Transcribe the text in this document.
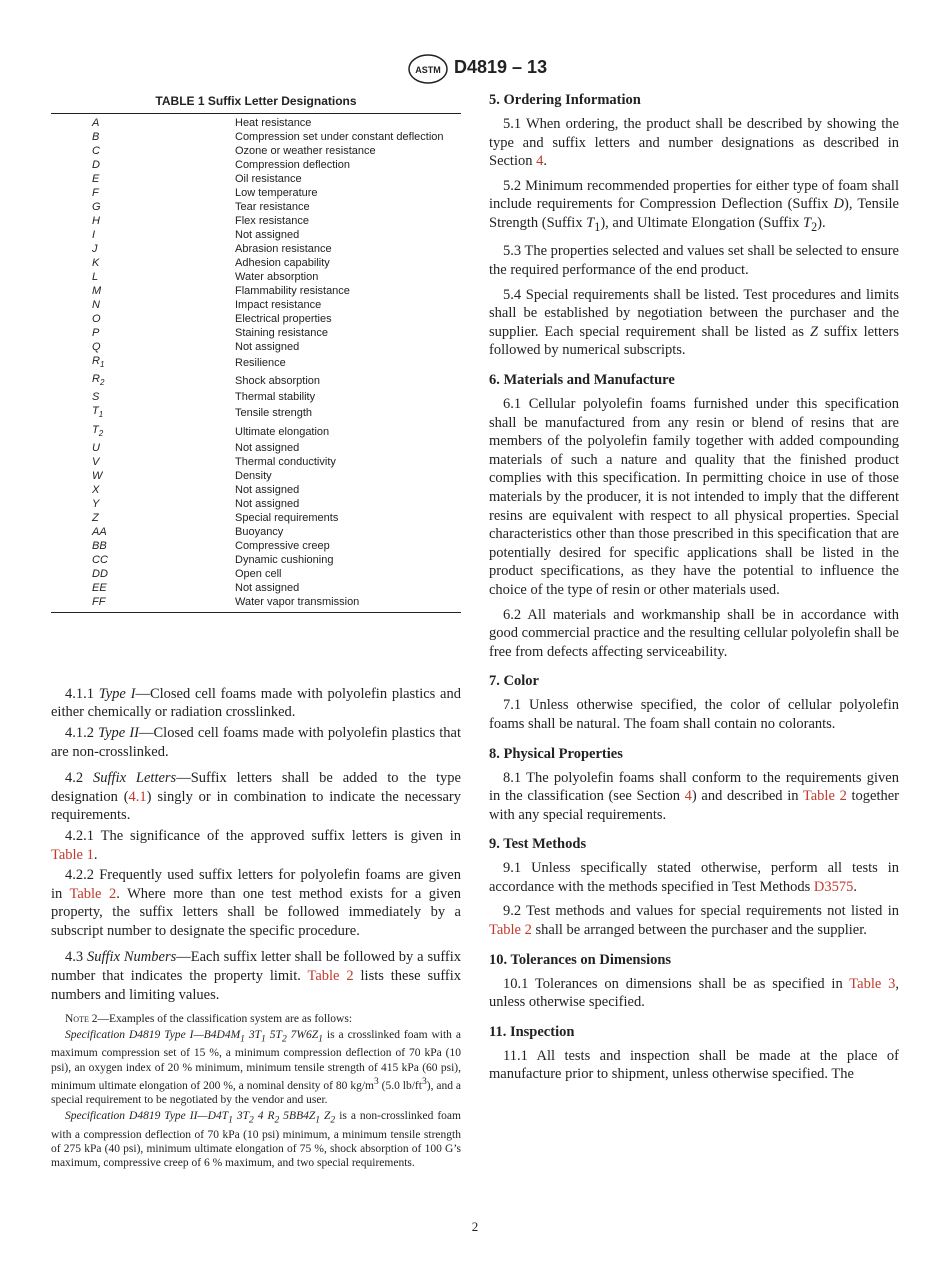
ASTM D4819 – 13
TABLE 1 Suffix Letter Designations
A	Heat resistance
B	Compression set under constant deflection
C	Ozone or weather resistance
D	Compression deflection
E	Oil resistance
F	Low temperature
G	Tear resistance
H	Flex resistance
I	Not assigned
J	Abrasion resistance
K	Adhesion capability
L	Water absorption
M	Flammability resistance
N	Impact resistance
O	Electrical properties
P	Staining resistance
Q	Not assigned
$R_1$	Resilience
$R_2$	Shock absorption
S	Thermal stability
$T_1$	Tensile strength
$T_2$	Ultimate elongation
U	Not assigned
V	Thermal conductivity
W	Density
X	Not assigned
Y	Not assigned
Z	Special requirements
AA	Buoyancy
BB	Compressive creep
CC	Dynamic cushioning
DD	Open cell
EE	Not assigned
FF	Water vapor transmission

4.1.1 Type I—Closed cell foams made with polyolefin plastics and either chemically or radiation crosslinked.

4.1.2 Type II—Closed cell foams made with polyolefin plastics that are non-crosslinked.

4.2 Suffix Letters—Suffix letters shall be added to the type designation (4.1) singly or in combination to indicate the necessary requirements.

4.2.1 The significance of the approved suffix letters is given in Table 1.

4.2.2 Frequently used suffix letters for polyolefin foams are given in Table 2. Where more than one test method exists for a given property, the suffix letters shall be followed immediately by a subscript number to designate the specific procedure.

4.3 Suffix Numbers—Each suffix letter shall be followed by a suffix number that indicates the property limit. Table 2 lists these suffix numbers and limiting values.

Note 2—Examples of the classification system are as follows:

Specification D4819 Type $I—B4D4M_1$ $3T_1$ $5T_2$ $7W6Z_1$ is a crosslinked foam with a maximum compression set of 15 %, a minimum compression deflection of 70 kPa (10 psi), an oxygen index of 20 % minimum, minimum tensile strength of 415 kPa (60 psi), minimum ultimate elongation of 200 %, a nominal density of 80 $kg/m^3$ (5.0 $lb/ft^3$), and a special requirement to be negotiated by the vendor and user.

Specification D4819 Type $II—D4T_1$ $3T_2$ 4 $R_2$ $5BB4Z_1$ $Z_2$ is a non-crosslinked foam with a compression deflection of 70 kPa (10 psi) minimum, a minimum tensile strength of 275 kPa (40 psi), minimum ultimate elongation of 75 %, shock absorption of 100 G’s maximum, compressive creep of 6 % maximum, and two special requirements.

5. Ordering Information

5.1 When ordering, the product shall be described by showing the type and suffix letters and number designations as described in Section 4.

5.2 Minimum recommended properties for either type of foam shall include requirements for Compression Deflection (Suffix D), Tensile Strength (Suffix $T_1$), and Ultimate Elongation (Suffix $T_2$).

5.3 The properties selected and values set shall be selected to ensure the required performance of the end product.

5.4 Special requirements shall be listed. Test procedures and limits shall be established by negotiation between the purchaser and the supplier. Each special requirement shall be listed as Z suffix letters followed by numerical subscripts.

6. Materials and Manufacture

6.1 Cellular polyolefin foams furnished under this specification shall be manufactured from any resin or blend of resins that are members of the polyolefin family together with added compounding materials of such a nature and quality that the finished product complies with this specification. In permitting choice in use of those materials by the producer, it is not intended to imply that the different resins are equivalent with respect to all physical properties. Special characteristics other than those prescribed in this specification that are potentially desired for specific applications shall be listed in the product specifications, as they have the potential to influence the choice of the type of resin or other materials used.

6.2 All materials and workmanship shall be in accordance with good commercial practice and the resulting cellular polyolefin shall be free from defects affecting serviceability.

7. Color

7.1 Unless otherwise specified, the color of cellular polyolefin foams shall be natural. The foam shall contain no colorants.

8. Physical Properties

8.1 The polyolefin foams shall conform to the requirements given in the classification (see Section 4) and described in Table 2 together with any special requirements.

9. Test Methods

9.1 Unless specifically stated otherwise, perform all tests in accordance with the methods specified in Test Methods D3575.

9.2 Test methods and values for special requirements not listed in Table 2 shall be arranged between the purchaser and the supplier.

10. Tolerances on Dimensions

10.1 Tolerances on dimensions shall be as specified in Table 3, unless otherwise specified.

11. Inspection

11.1 All tests and inspection shall be made at the place of manufacture prior to shipment, unless otherwise specified. The

2
